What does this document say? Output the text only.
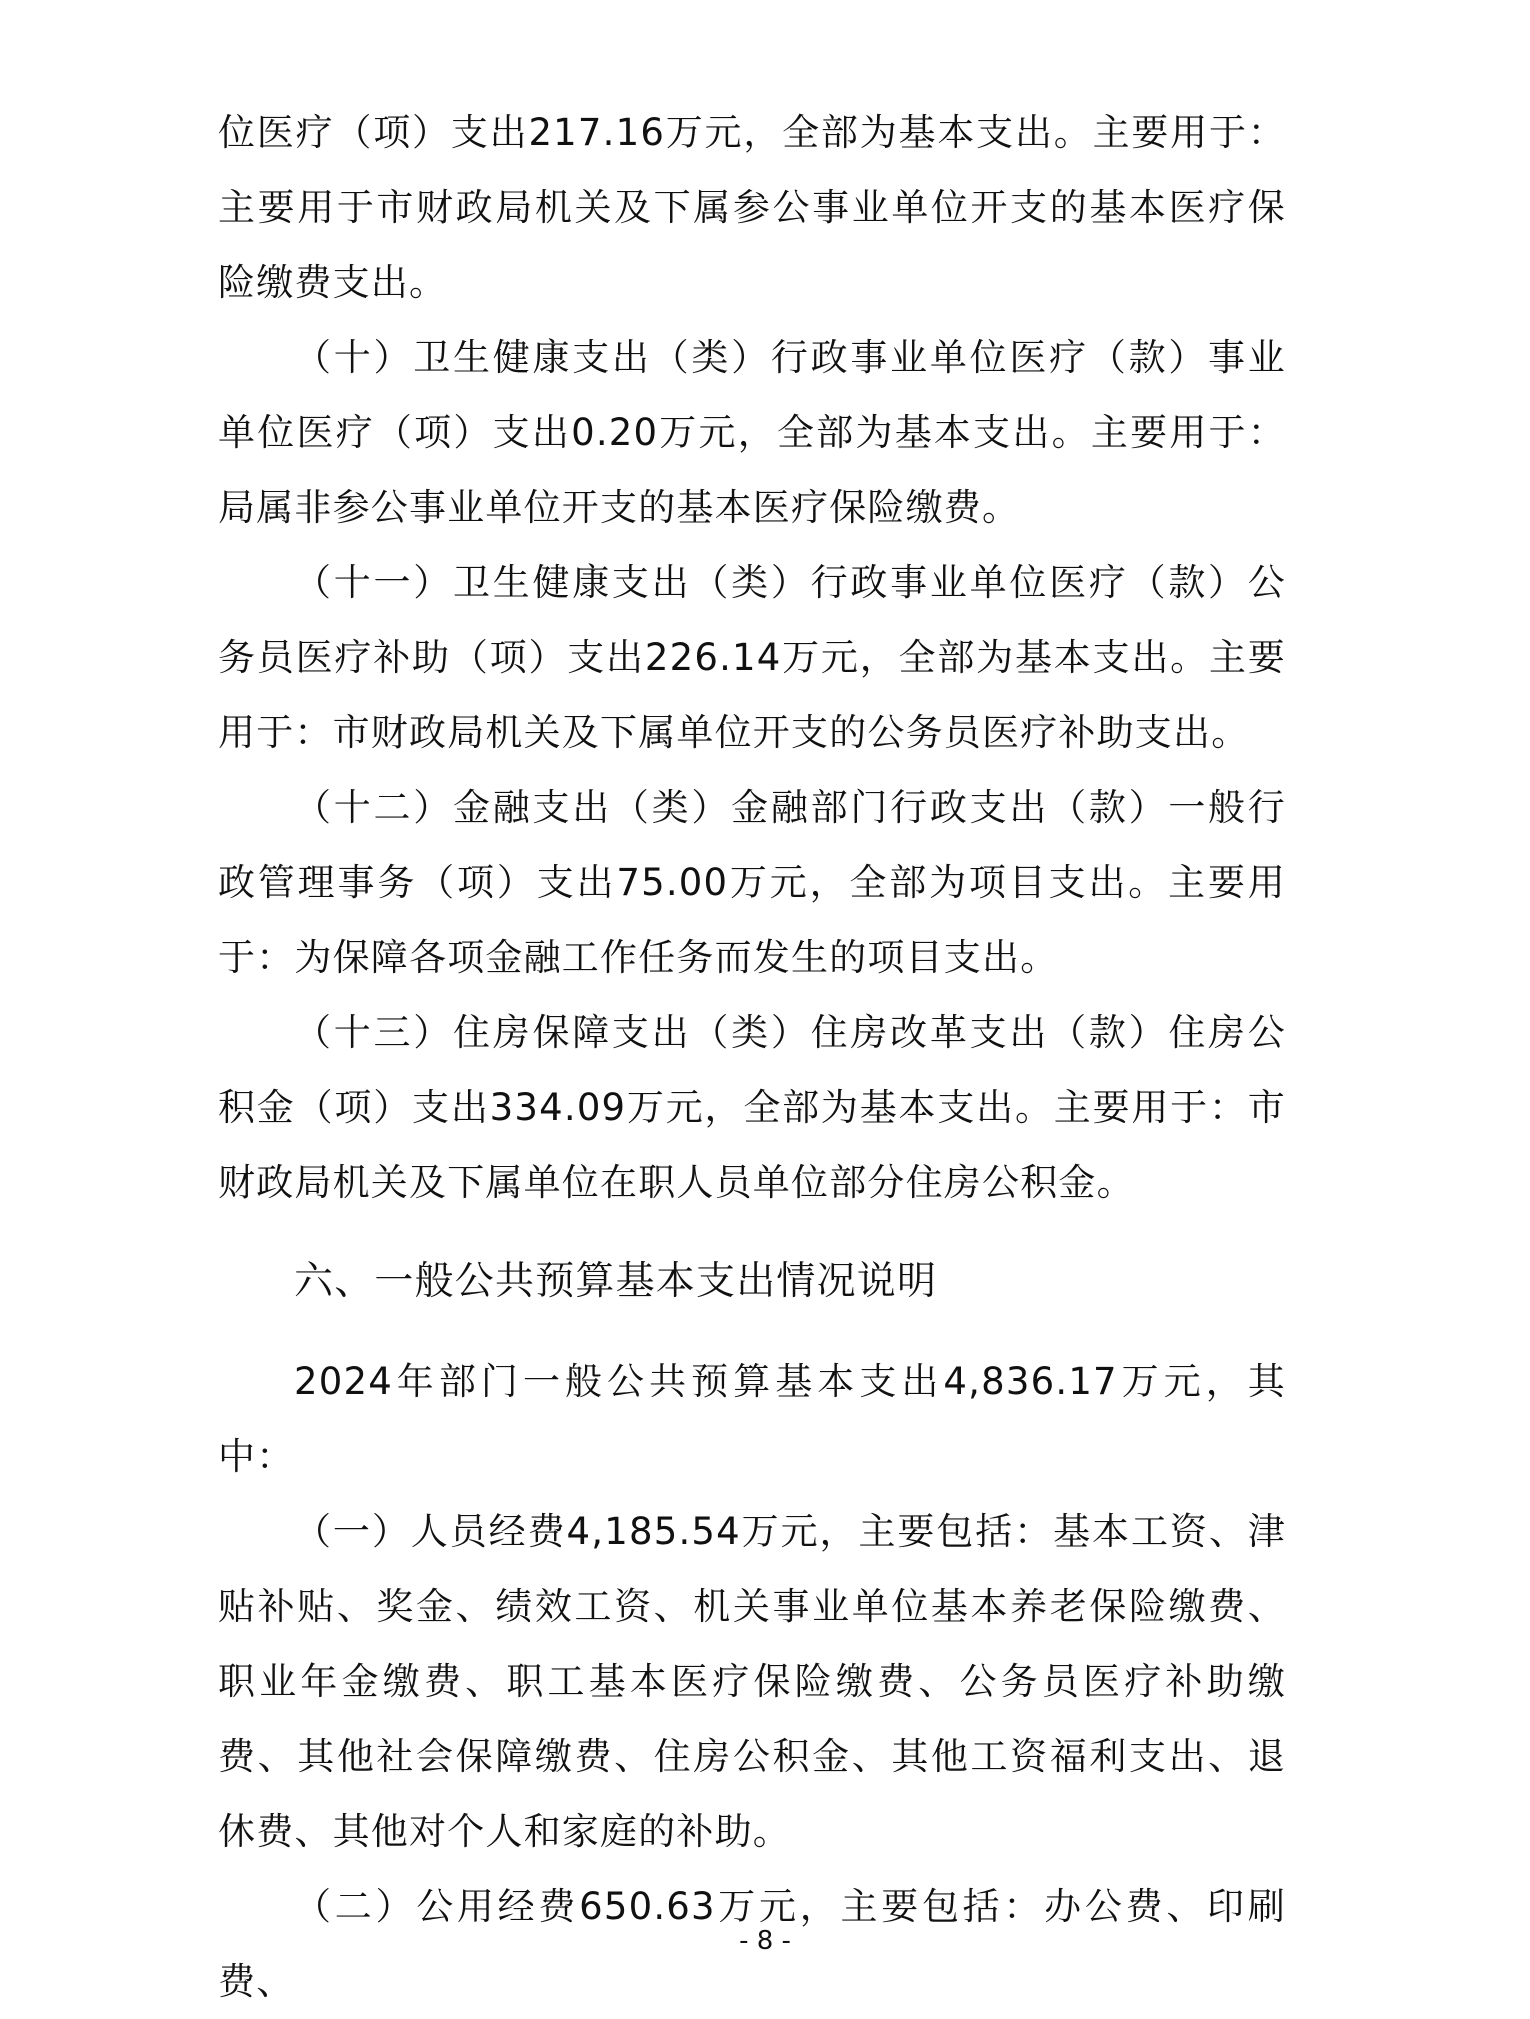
位医疗（项）支出217.16万元，全部为基本支出。主要用于：主要用于市财政局机关及下属参公事业单位开支的基本医疗保险缴费支出。

（十）卫生健康支出（类）行政事业单位医疗（款）事业单位医疗（项）支出0.20万元，全部为基本支出。主要用于：局属非参公事业单位开支的基本医疗保险缴费。

（十一）卫生健康支出（类）行政事业单位医疗（款）公务员医疗补助（项）支出226.14万元，全部为基本支出。主要用于：市财政局机关及下属单位开支的公务员医疗补助支出。

（十二）金融支出（类）金融部门行政支出（款）一般行政管理事务（项）支出75.00万元，全部为项目支出。主要用于：为保障各项金融工作任务而发生的项目支出。

（十三）住房保障支出（类）住房改革支出（款）住房公积金（项）支出334.09万元，全部为基本支出。主要用于：市财政局机关及下属单位在职人员单位部分住房公积金。

六、一般公共预算基本支出情况说明

2024年部门一般公共预算基本支出4,836.17万元，其中：

（一）人员经费4,185.54万元，主要包括：基本工资、津贴补贴、奖金、绩效工资、机关事业单位基本养老保险缴费、职业年金缴费、职工基本医疗保险缴费、公务员医疗补助缴费、其他社会保障缴费、住房公积金、其他工资福利支出、退休费、其他对个人和家庭的补助。

（二）公用经费650.63万元，主要包括：办公费、印刷费、

- 8 -
